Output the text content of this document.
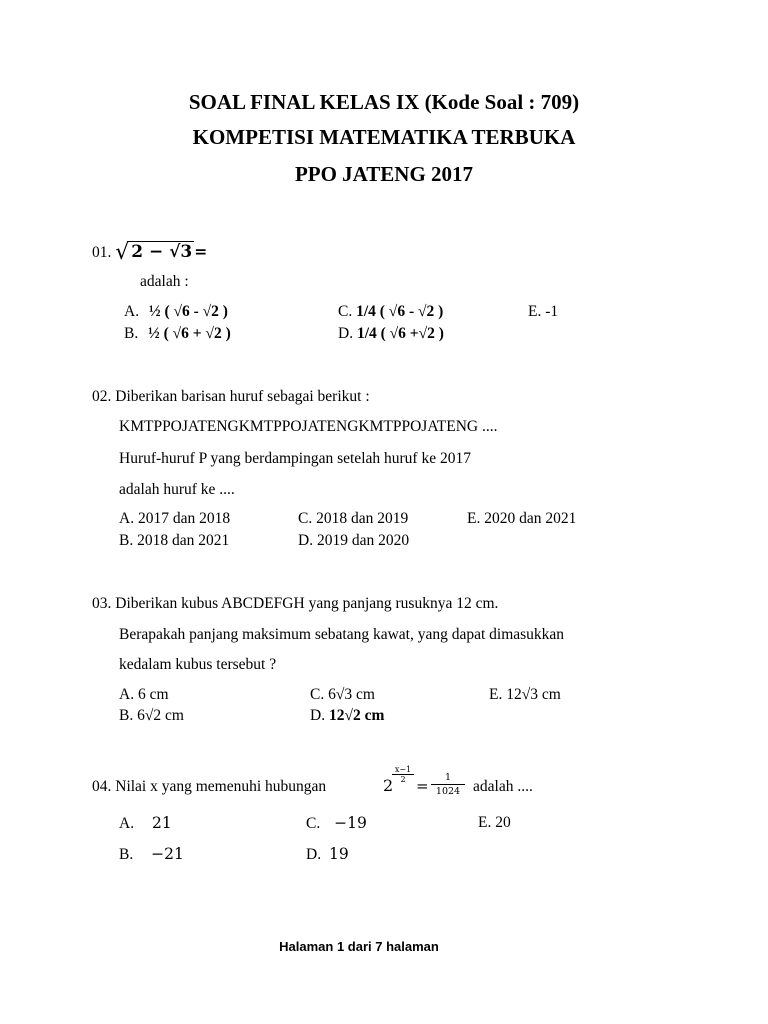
SOAL FINAL KELAS IX (Kode Soal : 709)
KOMPETISI MATEMATIKA TERBUKA
PPO JATENG 2017
01. √ 2 − √3 =
adalah :
A. ½ ( √6 - √2 )
B. ½ ( √6 + √2 )
C. 1/4 ( √6 - √2 )
D. 1/4 ( √6 +√2 )
E. -1
02. Diberikan barisan huruf sebagai berikut :
KMTPPOJATENGKMTPPOJATENGKMTPPOJATENG ....
Huruf-huruf P yang berdampingan setelah huruf ke 2017
adalah huruf ke ....
A. 2017 dan 2018
B. 2018 dan 2021
C. 2018 dan 2019
D. 2019 dan 2020
E. 2020 dan 2021
03. Diberikan kubus ABCDEFGH yang panjang rusuknya 12 cm.
Berapakah panjang maksimum sebatang kawat, yang dapat dimasukkan
kedalam kubus tersebut ?
A. 6 cm
B. 6√2 cm
C. 6√3 cm
D. 12√2 cm
E. 12√3 cm
04. Nilai x yang memenuhi hubungan	2
$\frac{x-1}{2}$
= $\frac{1}{1024}$ adalah ....
A. 21
B. −21
C. −19
D. 19
E. 20
Halaman 1 dari 7 halaman
